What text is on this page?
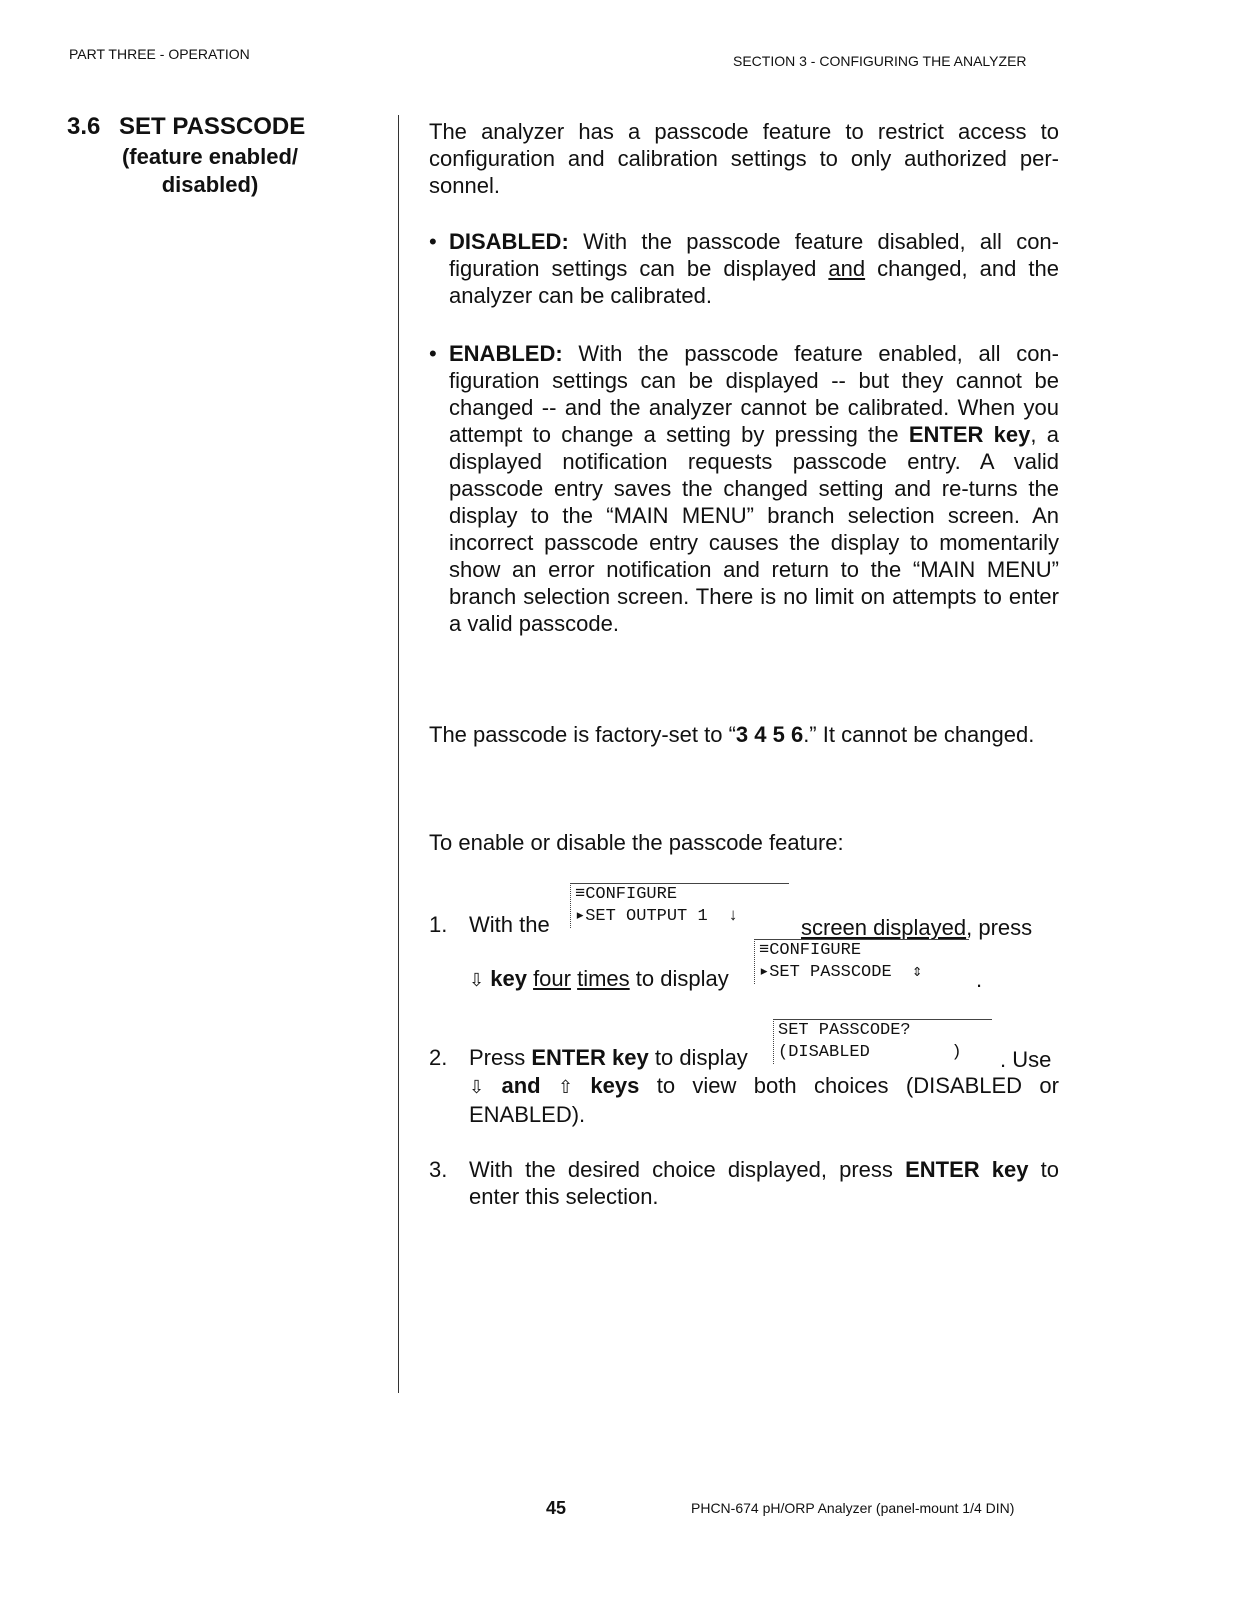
PART THREE - OPERATION	SECTION 3 - CONFIGURING THE ANALYZER
3.6 SET PASSCODE
(feature enabled/
disabled)
The analyzer has a passcode feature to restrict access to configuration and calibration settings to only authorized per-sonnel.
• DISABLED: With the passcode feature disabled, all con-figuration settings can be displayed and changed, and the analyzer can be calibrated.
• ENABLED: With the passcode feature enabled, all con-figuration settings can be displayed -- but they cannot be changed -- and the analyzer cannot be calibrated. When you attempt to change a setting by pressing the ENTER key, a displayed notification requests passcode entry. A valid passcode entry saves the changed setting and re-turns the display to the “MAIN MENU” branch selection screen. An incorrect passcode entry causes the display to momentarily show an error notification and return to the “MAIN MENU” branch selection screen. There is no limit on attempts to enter a valid passcode.
The passcode is factory-set to “3 4 5 6.” It cannot be changed.
To enable or disable the passcode feature:
1. With the
≡CONFIGURE
▸SET OUTPUT 1  ↓	screen displayed, press
⇩ key four times to display
≡CONFIGURE
▸SET PASSCODE  ⇕	.
2. Press ENTER key to display
SET PASSCODE?
(DISABLED        )	. Use
⇩ and ⇧ keys to view both choices (DISABLED or ENABLED).
3. With the desired choice displayed, press ENTER key to enter this selection.
45	PHCN-674 pH/ORP Analyzer (panel-mount 1/4 DIN)
